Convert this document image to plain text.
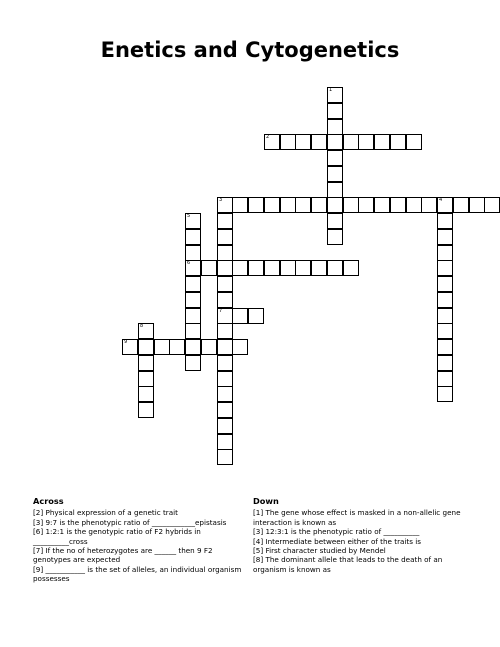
Enetics and Cytogenetics
1
2
3	4
5
6
7
8
9
Across

[2] Physical expression of a genetic trait

[3] 9:7 is the phenotypic ratio of ____________epistasis

[6] 1:2:1 is the genotypic ratio of F2 hybrids in __________cross

[7] If the no of heterozygotes are ______ then 9 F2 genotypes are expected

[9] ___________ is the set of alleles, an individual organism possesses

Down

[1] The gene whose effect is masked in a non-allelic gene interaction is known as

[3] 12:3:1 is the phenotypic ratio of __________

[4] Intermediate between either of the traits is

[5] First character studied by Mendel

[8] The dominant allele that leads to the death of an organism is known as
